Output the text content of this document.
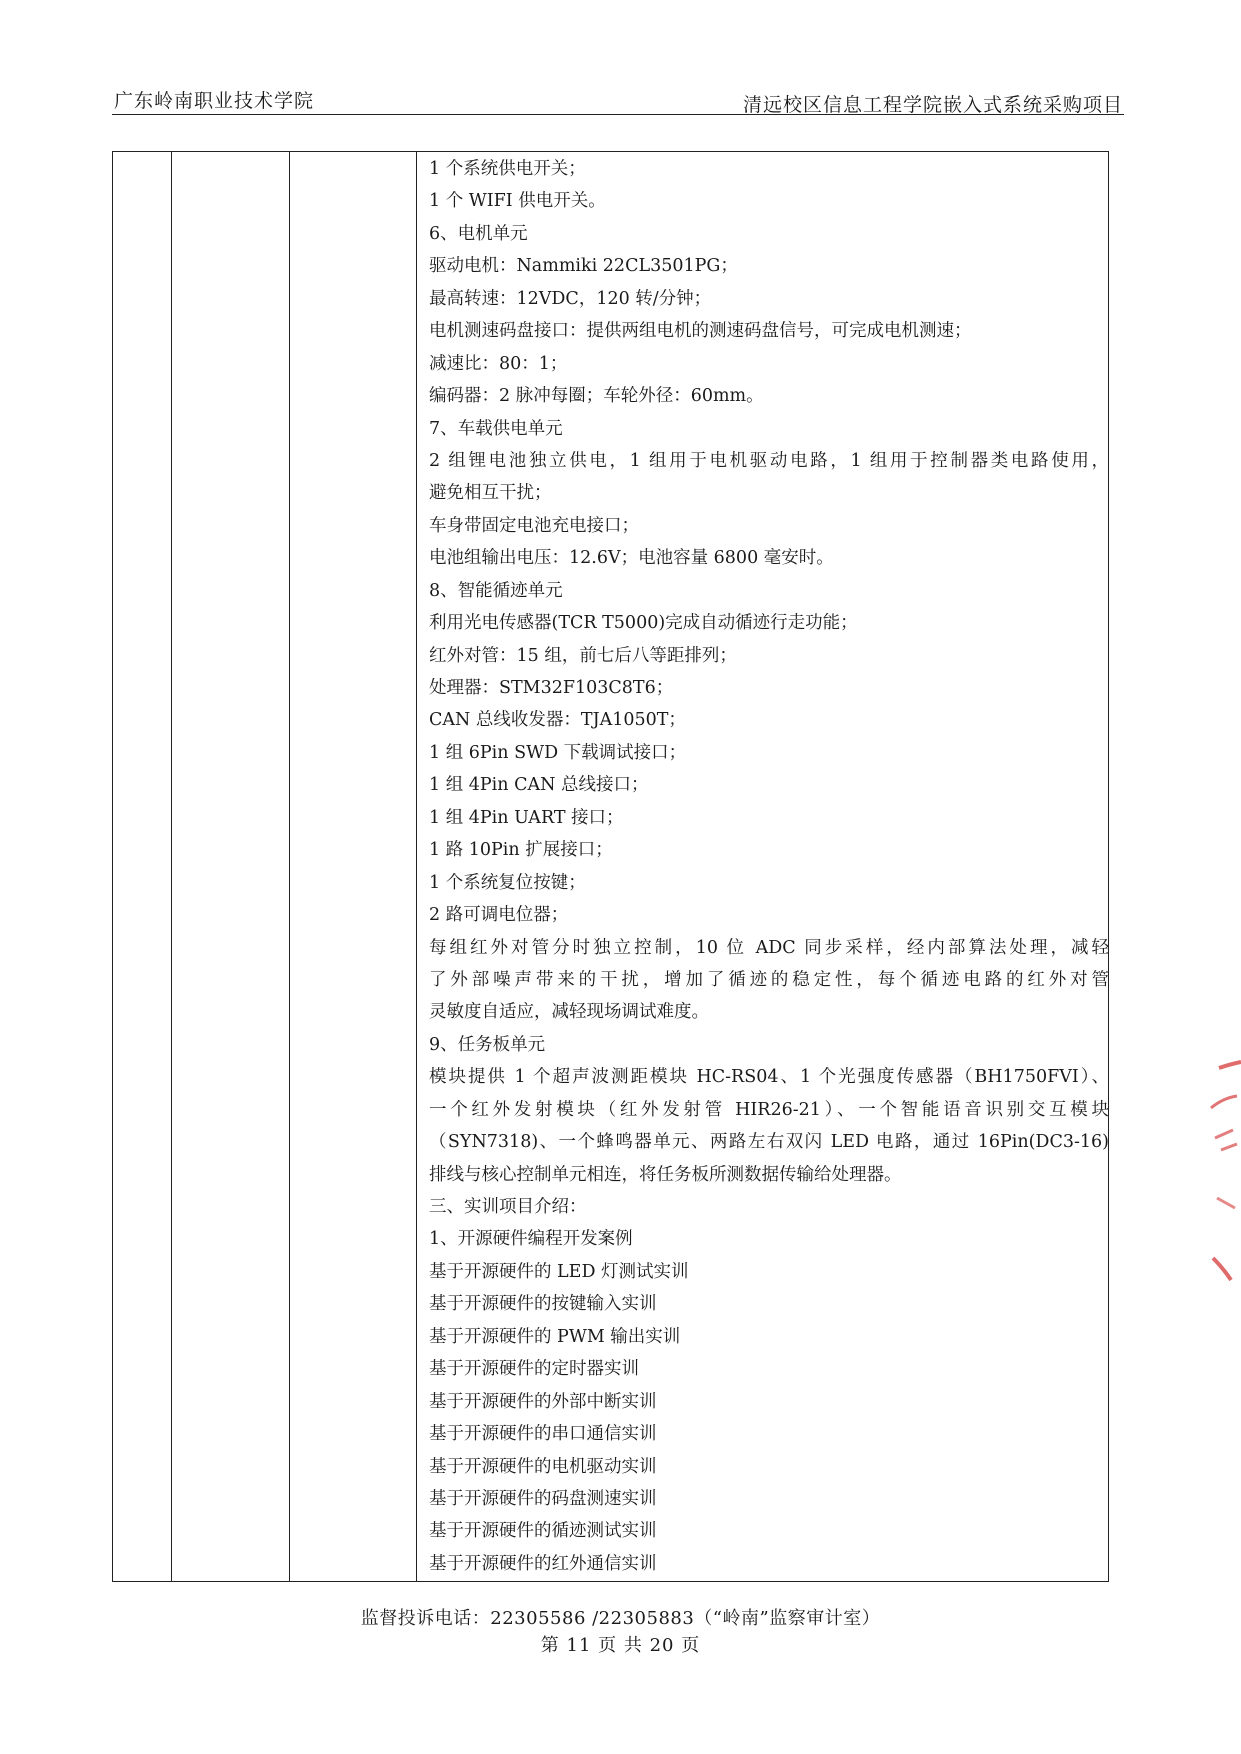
广东岭南职业技术学院	清远校区信息工程学院嵌入式系统采购项目
1 个系统供电开关；
1 个 WIFI 供电开关。
6、电机单元
驱动电机：Nammiki 22CL3501PG；
最高转速：12VDC，120 转/分钟；
电机测速码盘接口：提供两组电机的测速码盘信号，可完成电机测速；
减速比：80：1；
编码器：2 脉冲每圈；车轮外径：60mm。
7、车载供电单元
2 组锂电池独立供电，1 组用于电机驱动电路，1 组用于控制器类电路使用，
避免相互干扰；
车身带固定电池充电接口；
电池组输出电压：12.6V；电池容量 6800 毫安时。
8、智能循迹单元
利用光电传感器(TCR T5000)完成自动循迹行走功能；
红外对管：15 组，前七后八等距排列；
处理器：STM32F103C8T6；
CAN 总线收发器：TJA1050T；
1 组 6Pin SWD 下载调试接口；
1 组 4Pin CAN 总线接口；
1 组 4Pin UART 接口；
1 路 10Pin 扩展接口；
1 个系统复位按键；
2 路可调电位器；
每组红外对管分时独立控制，10 位 ADC 同步采样，经内部算法处理，减轻
了外部噪声带来的干扰，增加了循迹的稳定性，每个循迹电路的红外对管
灵敏度自适应，减轻现场调试难度。
9、任务板单元
模块提供 1 个超声波测距模块 HC-RS04、1 个光强度传感器（BH1750FVI）、
一个红外发射模块（红外发射管 HIR26-21）、一个智能语音识别交互模块
（SYN7318)、一个蜂鸣器单元、两路左右双闪 LED 电路，通过 16Pin(DC3-16)
排线与核心控制单元相连，将任务板所测数据传输给处理器。
三、实训项目介绍：
1、开源硬件编程开发案例
基于开源硬件的 LED 灯测试实训
基于开源硬件的按键输入实训
基于开源硬件的 PWM 输出实训
基于开源硬件的定时器实训
基于开源硬件的外部中断实训
基于开源硬件的串口通信实训
基于开源硬件的电机驱动实训
基于开源硬件的码盘测速实训
基于开源硬件的循迹测试实训
基于开源硬件的红外通信实训
监督投诉电话：22305586 /22305883（“岭南”监察审计室）
第 11 页 共 20 页
